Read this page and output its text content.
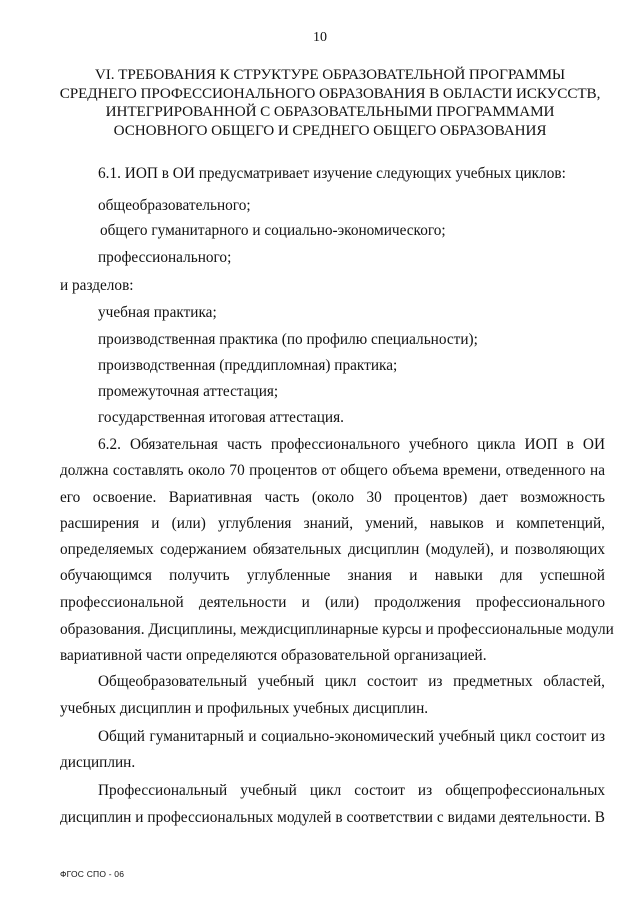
10
VI. ТРЕБОВАНИЯ К СТРУКТУРЕ ОБРАЗОВАТЕЛЬНОЙ ПРОГРАММЫ
СРЕДНЕГО ПРОФЕССИОНАЛЬНОГО ОБРАЗОВАНИЯ В ОБЛАСТИ ИСКУССТВ,
ИНТЕГРИРОВАННОЙ С ОБРАЗОВАТЕЛЬНЫМИ ПРОГРАММАМИ
ОСНОВНОГО ОБЩЕГО И СРЕДНЕГО ОБЩЕГО ОБРАЗОВАНИЯ
6.1. ИОП в ОИ предусматривает изучение следующих учебных циклов:
общеобразовательного;
общего гуманитарного и социально-экономического;
профессионального;
и разделов:
учебная практика;
производственная практика (по профилю специальности);
производственная (преддипломная) практика;
промежуточная аттестация;
государственная итоговая аттестация.
6.2. Обязательная часть профессионального учебного цикла ИОП в ОИ
должна составлять около 70 процентов от общего объема времени, отведенного на
его освоение. Вариативная часть (около 30 процентов) дает возможность
расширения и (или) углубления знаний, умений, навыков и компетенций,
определяемых содержанием обязательных дисциплин (модулей), и позволяющих
обучающимся получить углубленные знания и навыки для успешной
профессиональной деятельности и (или) продолжения профессионального
образования. Дисциплины, междисциплинарные курсы и профессиональные модули
вариативной части определяются образовательной организацией.
Общеобразовательный учебный цикл состоит из предметных областей,
учебных дисциплин и профильных учебных дисциплин.
Общий гуманитарный и социально-экономический учебный цикл состоит из
дисциплин.
Профессиональный учебный цикл состоит из общепрофессиональных
дисциплин и профессиональных модулей в соответствии с видами деятельности. В
ФГОС СПО - 06
